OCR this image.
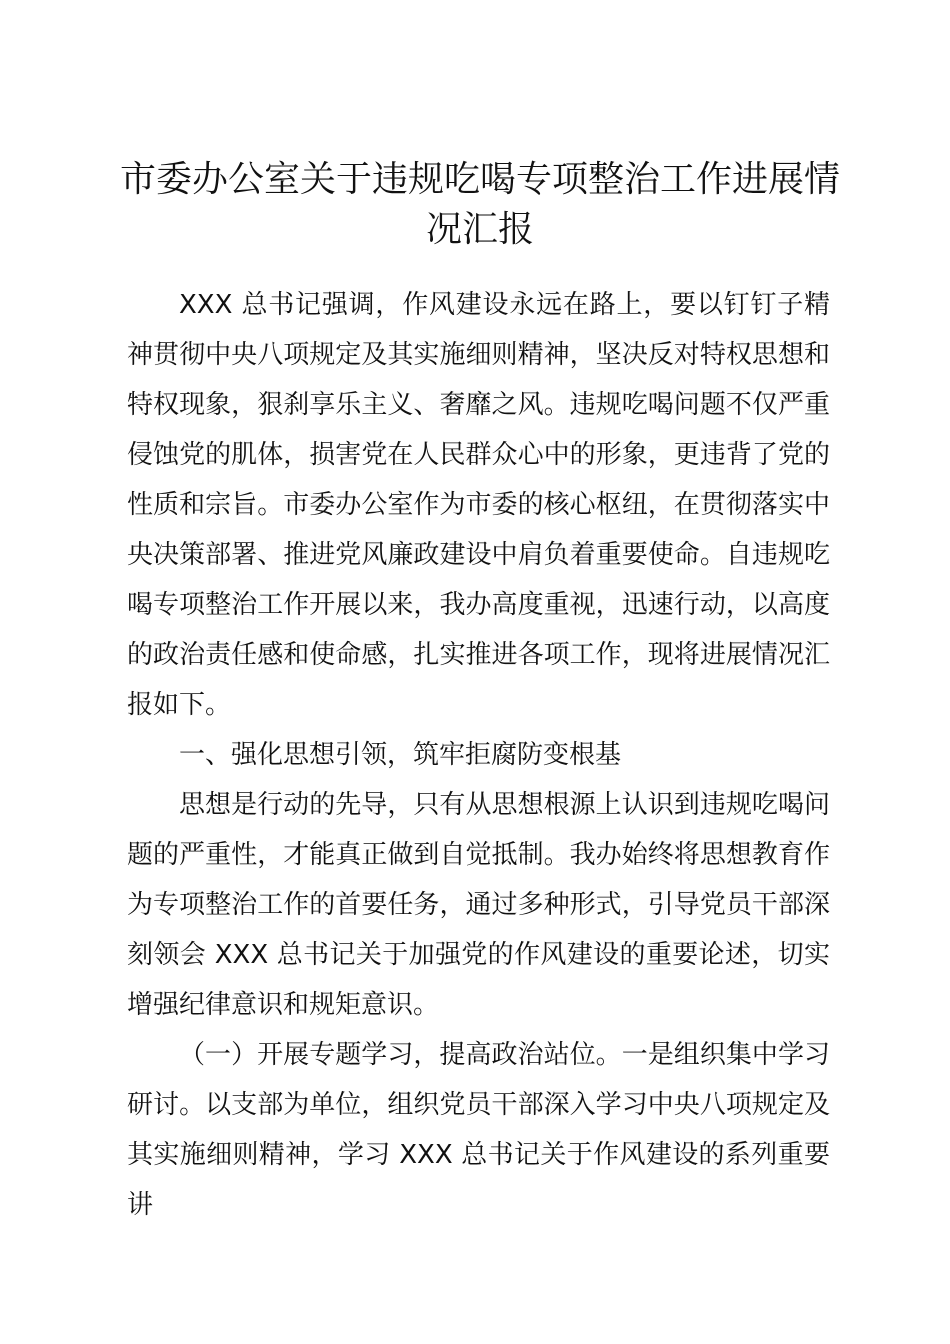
市委办公室关于违规吃喝专项整治工作进展情况汇报

XXX 总书记强调，作风建设永远在路上，要以钉钉子精神贯彻中央八项规定及其实施细则精神，坚决反对特权思想和特权现象，狠刹享乐主义、奢靡之风。违规吃喝问题不仅严重侵蚀党的肌体，损害党在人民群众心中的形象，更违背了党的性质和宗旨。市委办公室作为市委的核心枢纽，在贯彻落实中央决策部署、推进党风廉政建设中肩负着重要使命。自违规吃喝专项整治工作开展以来，我办高度重视，迅速行动，以高度的政治责任感和使命感，扎实推进各项工作，现将进展情况汇报如下。

一、强化思想引领，筑牢拒腐防变根基

思想是行动的先导，只有从思想根源上认识到违规吃喝问题的严重性，才能真正做到自觉抵制。我办始终将思想教育作为专项整治工作的首要任务，通过多种形式，引导党员干部深刻领会 XXX 总书记关于加强党的作风建设的重要论述，切实增强纪律意识和规矩意识。

（一）开展专题学习，提高政治站位。一是组织集中学习研讨。以支部为单位，组织党员干部深入学习中央八项规定及其实施细则精神，学习 XXX 总书记关于作风建设的系列重要讲
